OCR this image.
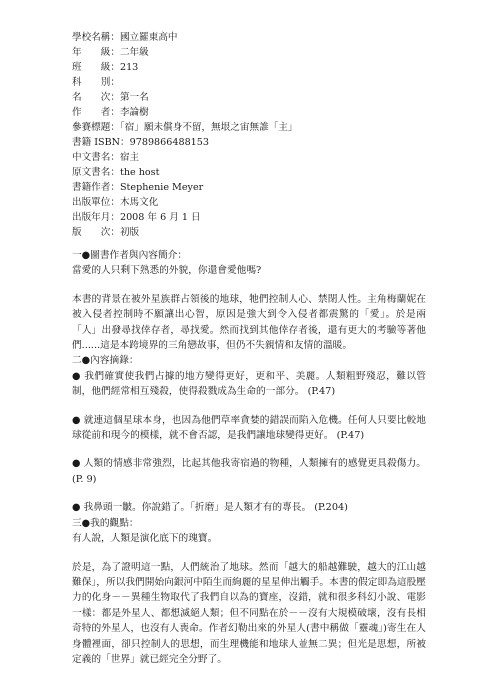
學校名稱：國立羅東高中
年　　級：二年級
班　　級：213
科　　別：
名　　次：第一名
作　　者：李論樹
參賽標題：「宿」願未償身不留，無垠之宙無誰「主」
書籍 ISBN：9789866488153
中文書名：宿主
原文書名：the host
書籍作者：Stephenie Meyer
出版單位：木馬文化
出版年月：2008 年 6 月 1 日
版　　次：初版

一●圖書作者與內容簡介：

當愛的人只剩下熟悉的外貌，你還會愛他嗎?

本書的背景在被外星族群占領後的地球，牠們控制人心、禁閉人性。主角梅蘭妮在被入侵者控制時不願讓出心智，原因是強大到令入侵者都震驚的「愛」。於是兩「人」出發尋找倖存者，尋找愛。然而找到其他倖存者後，還有更大的考驗等著他們......這是本跨境界的三角戀故事，但仍不失親情和友情的溫暖。

二●內容摘錄：

● 我們確實使我們占據的地方變得更好，更和平、美麗。人類粗野殘忍，難以管制，他們經常相互殘殺，使得殺戮成為生命的一部分。 (P.47)

● 就連這個星球本身，也因為他們草率貪婪的錯誤而陷入危機。任何人只要比較地球從前和現今的模樣，就不會否認，是我們讓地球變得更好。 (P.47)

● 人類的情感非常強烈，比起其他我寄宿過的物種，人類擁有的感覺更具殺傷力。 (P. 9)

● 我鼻頭一皺。你說錯了。「折磨」是人類才有的專長。 (P.204)

三●我的觀點：

有人說，人類是演化底下的瑰寶。

於是，為了證明這一點，人們統治了地球。然而「越大的船越難駛，越大的江山越難保」，所以我們開始向銀河中陌生而絢麗的星星伸出觸手。本書的假定即為這股壓力的化身－－異種生物取代了我們自以為的寶座，沒錯，就和很多科幻小說、電影一樣：都是外星人、都想滅絕人類；但不同點在於－－沒有大規模破壞，沒有長相奇特的外星人，也沒有人喪命。作者幻勒出來的外星人(書中稱做「靈魂」)寄生在人身體裡面，卻只控制人的思想，而生理機能和地球人並無二異；但光是思想，所被定義的「世界」就已經完全分野了。
